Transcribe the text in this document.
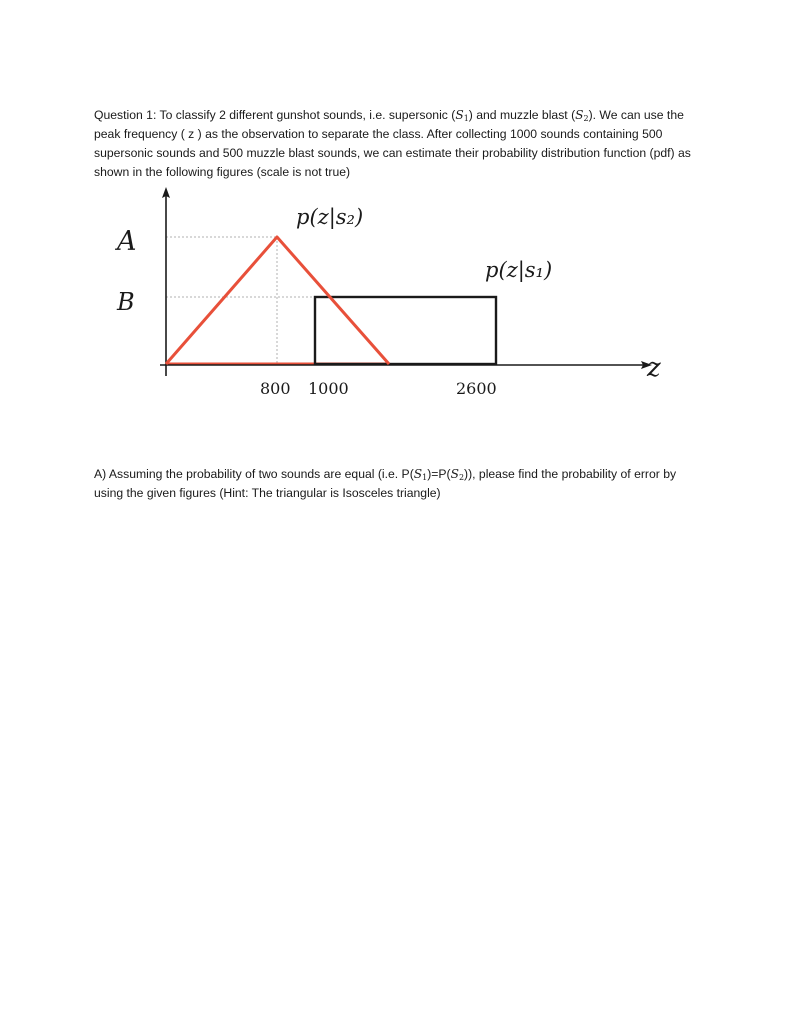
Question 1: To classify 2 different gunshot sounds, i.e. supersonic $(S_1)$ and muzzle blast $(S_2)$. We can use the peak frequency ( z ) as the observation to separate the class. After collecting 1000 sounds containing 500 supersonic sounds and 500 muzzle blast sounds, we can estimate their probability distribution function (pdf) as shown in the following figures (scale is not true)

A
B
800 1000	2600
z
p(z|s₂)
p(z|s₁)

A) Assuming the probability of two sounds are equal (i.e. $P(S_1)=P(S_2)$), please find the probability of error by using the given figures (Hint: The triangular is Isosceles triangle)
